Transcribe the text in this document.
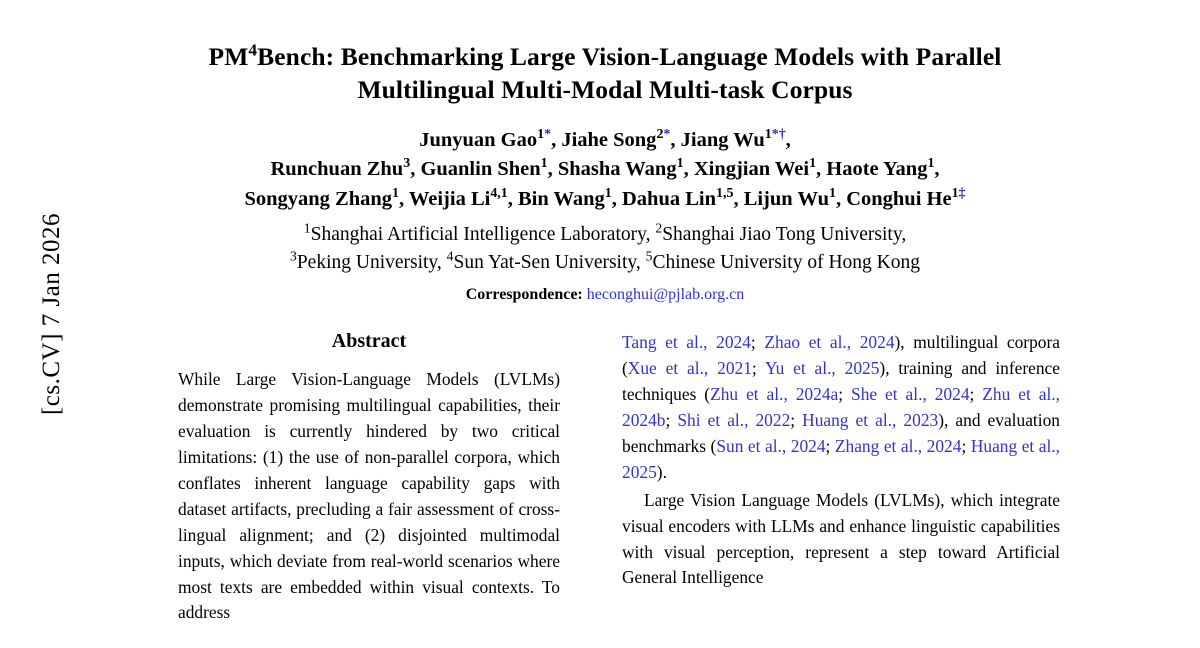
[cs.CV] 7 Jan 2026
$PM^4Bench$: Benchmarking Large Vision-Language Models with Parallel
Multilingual Multi-Modal Multi-task Corpus
Junyuan Gao$^{1*}$, Jiahe Song$^{2*}$, Jiang $Wu^{1*\dagger}$,
Runchuan Zhu$^3$, Guanlin Shen$^1$, Shasha Wang$^1$, Xingjian Wei$^1$, Haote Yang$^1$,
Songyang Zhang$^1$, Weijia Li$^{4,1}$, Bin Wang$^1$, Dahua Lin$^{1,5}$, Lijun Wu$^1$, Conghui $He^{1\ddagger}$
$^1$Shanghai Artificial Intelligence Laboratory, $^2$Shanghai Jiao Tong University,
$^3$Peking University, $^4$Sun Yat-Sen University, $^5$Chinese University of Hong Kong
Correspondence: heconghui@pjlab.org.cn
Abstract

While Large Vision-Language Models (LVLMs) demonstrate promising multilingual capabilities, their evaluation is currently hindered by two critical limitations: (1) the use of non-parallel corpora, which conflates inherent language capability gaps with dataset artifacts, precluding a fair assessment of cross-lingual alignment; and (2) disjointed multimodal inputs, which deviate from real-world scenarios where most texts are embedded within visual contexts. To address

Tang et al., 2024; Zhao et al., 2024), multilingual corpora (Xue et al., 2021; Yu et al., 2025), training and inference techniques (Zhu et al., 2024a; She et al., 2024; Zhu et al., 2024b; Shi et al., 2022; Huang et al., 2023), and evaluation benchmarks (Sun et al., 2024; Zhang et al., 2024; Huang et al., 2025).

Large Vision Language Models (LVLMs), which integrate visual encoders with LLMs and enhance linguistic capabilities with visual perception, represent a step toward Artificial General Intelligence
